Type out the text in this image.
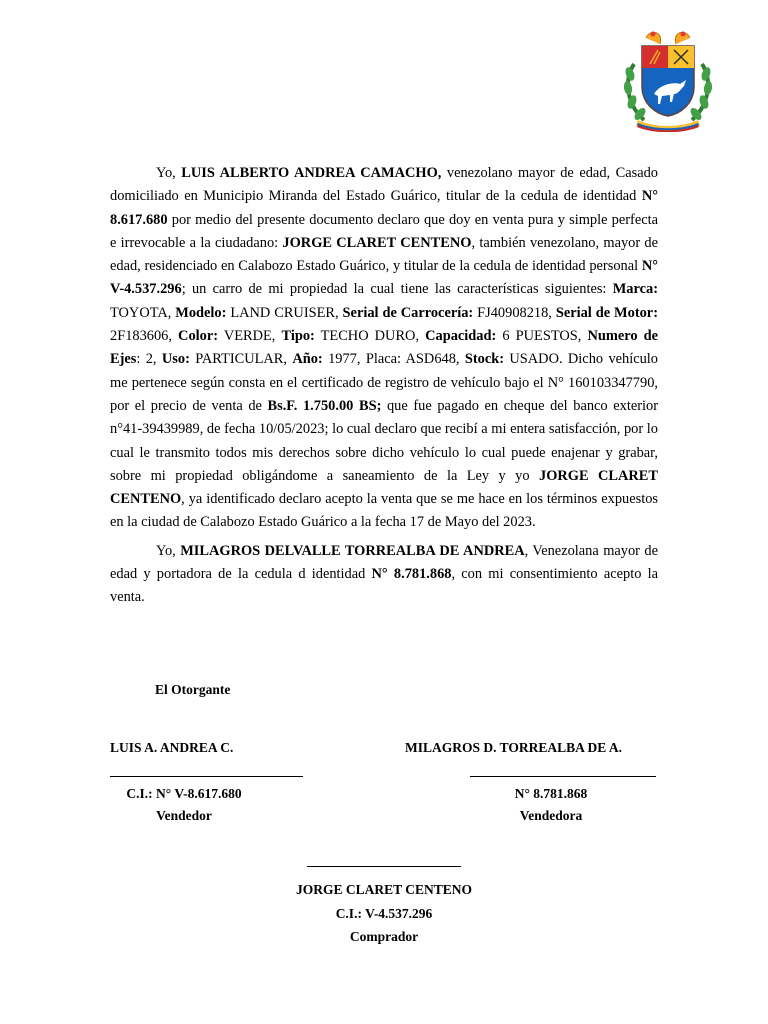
Yo, LUIS ALBERTO ANDREA CAMACHO, venezolano mayor de edad, Casado domiciliado en Municipio Miranda del Estado Guárico, titular de la cedula de identidad N° 8.617.680 por medio del presente documento declaro que doy en venta pura y simple perfecta e irrevocable a la ciudadano: JORGE CLARET CENTENO, también venezolano, mayor de edad, residenciado en Calabozo Estado Guárico, y titular de la cedula de identidad personal N° V-4.537.296; un carro de mi propiedad la cual tiene las características siguientes: Marca: TOYOTA, Modelo: LAND CRUISER, Serial de Carrocería: FJ40908218, Serial de Motor: 2F183606, Color: VERDE, Tipo: TECHO DURO, Capacidad: 6 PUESTOS, Numero de Ejes: 2, Uso: PARTICULAR, Año: 1977, Placa: ASD648, Stock: USADO. Dicho vehículo me pertenece según consta en el certificado de registro de vehículo bajo el N° 160103347790, por el precio de venta de Bs.F. 1.750.00 BS; que fue pagado en cheque del banco exterior n°41-39439989, de fecha 10/05/2023; lo cual declaro que recibí a mi entera satisfacción, por lo cual le transmito todos mis derechos sobre dicho vehículo lo cual puede enajenar y grabar, sobre mi propiedad obligándome a saneamiento de la Ley y yo JORGE CLARET CENTENO, ya identificado declaro acepto la venta que se me hace en los términos expuestos en la ciudad de Calabozo Estado Guárico a la fecha 17 de Mayo del 2023.

Yo, MILAGROS DELVALLE TORREALBA DE ANDREA, Venezolana mayor de edad y portadora de la cedula d identidad N° 8.781.868, con mi consentimiento acepto la venta.

El Otorgante
LUIS A. ANDREA C.
C.I.: N° V-8.617.680
Vendedor
MILAGROS D. TORREALBA DE A.
N° 8.781.868
Vendedora
JORGE CLARET CENTENO
C.I.: V-4.537.296
Comprador
